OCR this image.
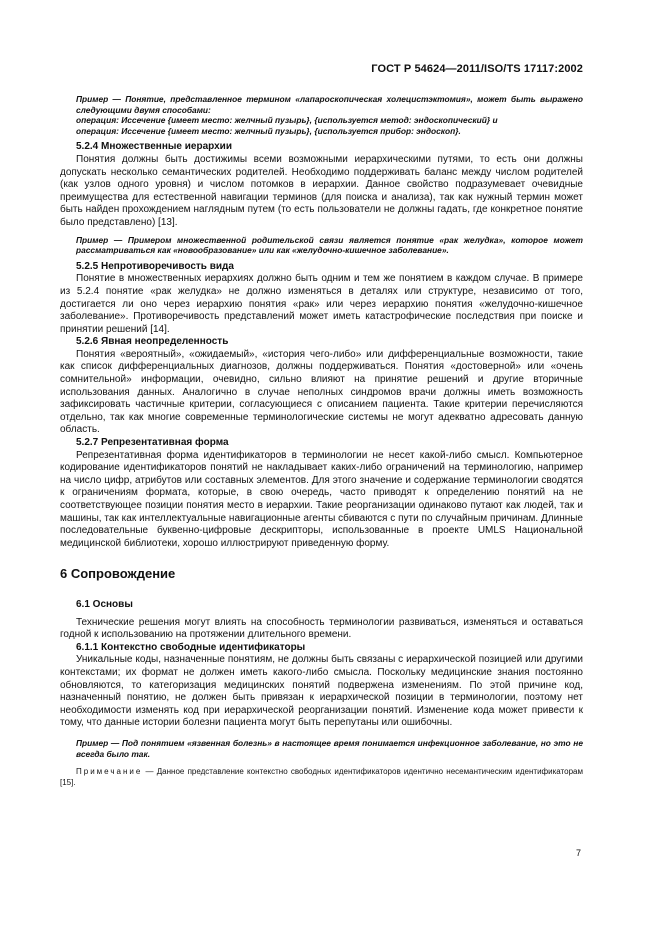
ГОСТ Р 54624—2011/ISO/TS 17117:2002

Пример — Понятие, представленное термином «лапароскопическая холецистэктомия», может быть выражено следующими двумя способами:

операция: Иссечение {имеет место: желчный пузырь}, {используется метод: эндоскопический} и

операция: Иссечение {имеет место: желчный пузырь}, {используется прибор: эндоскоп}.

5.2.4 Множественные иерархии

Понятия должны быть достижимы всеми возможными иерархическими путями, то есть они должны допускать несколько семантических родителей. Необходимо поддерживать баланс между числом родителей (как узлов одного уровня) и числом потомков в иерархии. Данное свойство подразумевает очевидные преимущества для естественной навигации терминов (для поиска и анализа), так как нужный термин может быть найден прохождением наглядным путем (то есть пользователи не должны гадать, где конкретное понятие было представлено) [13].

Пример — Примером множественной родительской связи является понятие «рак желудка», которое может рассматриваться как «новообразование» или как «желудочно-кишечное заболевание».

5.2.5 Непротиворечивость вида

Понятие в множественных иерархиях должно быть одним и тем же понятием в каждом случае. В примере из 5.2.4 понятие «рак желудка» не должно изменяться в деталях или структуре, независимо от того, достигается ли оно через иерархию понятия «рак» или через иерархию понятия «желудочно-кишечное заболевание». Противоречивость представлений может иметь катастрофические последствия при поиске и принятии решений [14].

5.2.6 Явная неопределенность

Понятия «вероятный», «ожидаемый», «история чего-либо» или дифференциальные возможности, такие как список дифференциальных диагнозов, должны поддерживаться. Понятия «достоверной» или «очень сомнительной» информации, очевидно, сильно влияют на принятие решений и другие вторичные использования данных. Аналогично в случае неполных синдромов врачи должны иметь возможность зафиксировать частичные критерии, согласующиеся с описанием пациента. Такие критерии перечисляются отдельно, так как многие современные терминологические системы не могут адекватно адресовать данную область.

5.2.7 Репрезентативная форма

Репрезентативная форма идентификаторов в терминологии не несет какой-либо смысл. Компьютерное кодирование идентификаторов понятий не накладывает каких-либо ограничений на терминологию, например на число цифр, атрибутов или составных элементов. Для этого значение и содержание терминологии сводятся к ограничениям формата, которые, в свою очередь, часто приводят к определению понятий на не соответствующее позиции понятия место в иерархии. Такие реорганизации одинаково путают как людей, так и машины, так как интеллектуальные навигационные агенты сбиваются с пути по случайным причинам. Длинные последовательные буквенно-цифровые дескрипторы, использованные в проекте UMLS Национальной медицинской библиотеки, хорошо иллюстрируют приведенную форму.

6 Сопровождение

6.1 Основы

Технические решения могут влиять на способность терминологии развиваться, изменяться и оставаться годной к использованию на протяжении длительного времени.

6.1.1 Контекстно свободные идентификаторы

Уникальные коды, назначенные понятиям, не должны быть связаны с иерархической позицией или другими контекстами; их формат не должен иметь какого-либо смысла. Поскольку медицинские знания постоянно обновляются, то категоризация медицинских понятий подвержена изменениям. По этой причине код, назначенный понятию, не должен быть привязан к иерархической позиции в терминологии, поэтому нет необходимости изменять код при иерархической реорганизации понятий. Изменение кода может привести к тому, что данные истории болезни пациента могут быть перепутаны или ошибочны.

Пример — Под понятием «язвенная болезнь» в настоящее время понимается инфекционное заболевание, но это не всегда было так.

Примечание — Данное представление контекстно свободных идентификаторов идентично несемантическим идентификаторам [15].

7
